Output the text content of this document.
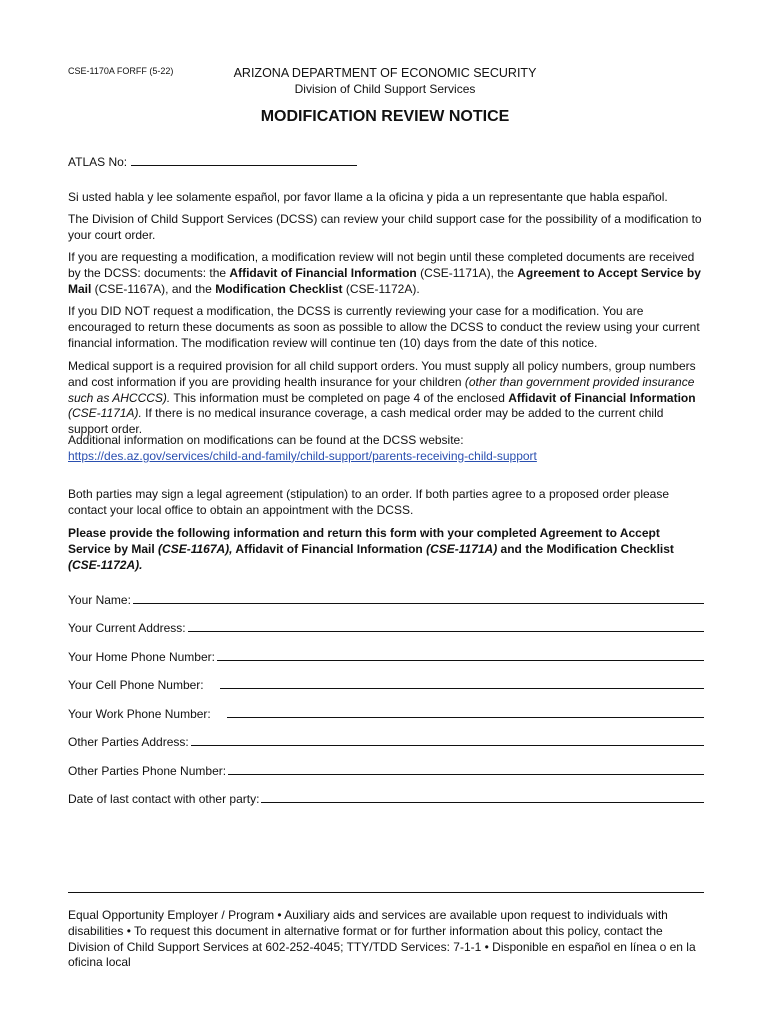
CSE-1170A FORFF (5-22)	ARIZONA DEPARTMENT OF ECONOMIC SECURITY
Division of Child Support Services
MODIFICATION REVIEW NOTICE
ATLAS No:

Si usted habla y lee solamente español, por favor llame a la oficina y pida a un representante que habla español.

The Division of Child Support Services (DCSS) can review your child support case for the possibility of a modification to your court order.

If you are requesting a modification, a modification review will not begin until these completed documents are received by the DCSS: documents: the Affidavit of Financial Information (CSE-1171A), the Agreement to Accept Service by Mail (CSE-1167A), and the Modification Checklist (CSE-1172A).

If you DID NOT request a modification, the DCSS is currently reviewing your case for a modification. You are encouraged to return these documents as soon as possible to allow the DCSS to conduct the review using your current financial information. The modification review will continue ten (10) days from the date of this notice.

Medical support is a required provision for all child support orders. You must supply all policy numbers, group numbers and cost information if you are providing health insurance for your children (other than government provided insurance such as AHCCCS). This information must be completed on page 4 of the enclosed Affidavit of Financial Information (CSE-1171A). If there is no medical insurance coverage, a cash medical order may be added to the current child support order.

Additional information on modifications can be found at the DCSS website:

https://des.az.gov/services/child-and-family/child-support/parents-receiving-child-support

Both parties may sign a legal agreement (stipulation) to an order. If both parties agree to a proposed order please contact your local office to obtain an appointment with the DCSS.

Please provide the following information and return this form with your completed Agreement to Accept Service by Mail (CSE-1167A), Affidavit of Financial Information (CSE-1171A) and the Modification Checklist (CSE-1172A).

Your Name:
Your Current Address:
Your Home Phone Number:
Your Cell Phone Number:
Your Work Phone Number:
Other Parties Address:
Other Parties Phone Number:
Date of last contact with other party:

Equal Opportunity Employer / Program • Auxiliary aids and services are available upon request to individuals with disabilities • To request this document in alternative format or for further information about this policy, contact the Division of Child Support Services at 602-252-4045; TTY/TDD Services: 7-1-1 • Disponible en español en línea o en la oficina local
